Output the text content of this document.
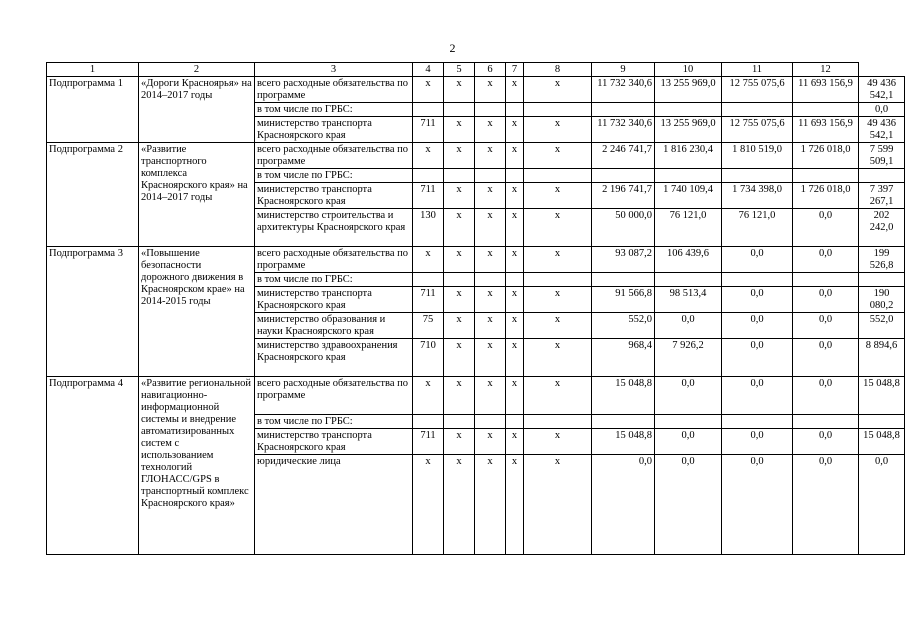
2
1	2	3	4	5	6	7	8	9	10	11	12	
Подпрограмма 1	«Дороги Красноярья» на 2014–2017 годы	всего расходные обязательства по программе	х	х	х	х	х	11 732 340,6	13 255 969,0	12 755 075,6	11 693 156,9	49 436 542,1
		в том числе по ГРБС:										0,0
		министерство транспорта Красноярского края	711	х	х	х	х	11 732 340,6	13 255 969,0	12 755 075,6	11 693 156,9	49 436 542,1
Подпрограмма 2	«Развитие транспортного комплекса Красноярского края» на 2014–2017 годы	всего расходные обязательства по программе	х	х	х	х	х	2 246 741,7	1 816 230,4	1 810 519,0	1 726 018,0	7 599 509,1
		в том числе по ГРБС:										
		министерство транспорта Красноярского края	711	х	х	х	х	2 196 741,7	1 740 109,4	1 734 398,0	1 726 018,0	7 397 267,1
		министерство строительства и архитектуры Красноярского края	130	х	х	х	х	50 000,0	76 121,0	76 121,0	0,0	202 242,0
Подпрограмма 3	«Повышение безопасности дорожного движения в Красноярском крае» на 2014-2015 годы	всего расходные обязательства по программе	х	х	х	х	х	93 087,2	106 439,6	0,0	0,0	199 526,8
		в том числе по ГРБС:										
		министерство транспорта Красноярского края	711	х	х	х	х	91 566,8	98 513,4	0,0	0,0	190 080,2
		министерство образования и науки Красноярского края	75	х	х	х	х	552,0	0,0	0,0	0,0	552,0
		министерство здравоохранения Красноярского края	710	х	х	х	х	968,4	7 926,2	0,0	0,0	8 894,6
Подпрограмма 4	«Развитие региональной навигационно-информационной системы и внедрение автоматизированных систем с использованием технологий ГЛОНАСС/GPS в транспортный комплекс Красноярского края»	всего расходные обязательства по программе	х	х	х	х	х	15 048,8	0,0	0,0	0,0	15 048,8
		в том числе по ГРБС:										
		министерство транспорта Красноярского края	711	х	х	х	х	15 048,8	0,0	0,0	0,0	15 048,8
		юридические лица	х	х	х	х	х	0,0	0,0	0,0	0,0	0,0
